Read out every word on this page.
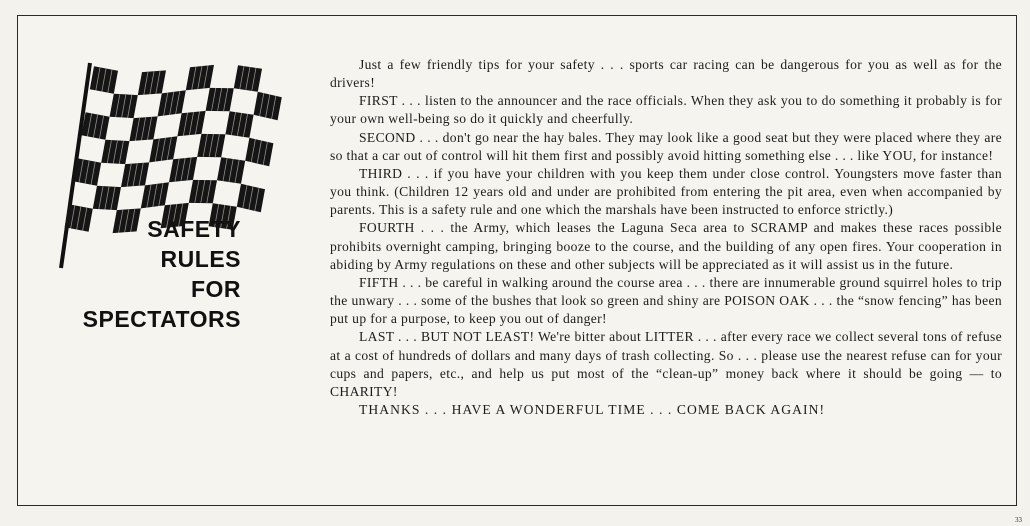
SAFETY
RULES
FOR
SPECTATORS

Just a few friendly tips for your safety . . . sports car racing can be dangerous for you as well as for the drivers!

FIRST . . . listen to the announcer and the race officials. When they ask you to do something it probably is for your own well-being so do it quickly and cheerfully.

SECOND . . . don't go near the hay bales. They may look like a good seat but they were placed where they are so that a car out of control will hit them first and possibly avoid hitting something else . . . like YOU, for instance!

THIRD . . . if you have your children with you keep them under close control. Youngsters move faster than you think. (Children 12 years old and under are prohibited from entering the pit area, even when accompanied by parents. This is a safety rule and one which the marshals have been instructed to enforce strictly.)

FOURTH . . . the Army, which leases the Laguna Seca area to SCRAMP and makes these races possible prohibits overnight camping, bringing booze to the course, and the building of any open fires. Your cooperation in abiding by Army regulations on these and other subjects will be appreciated as it will assist us in the future.

FIFTH . . . be careful in walking around the course area . . . there are innumerable ground squirrel holes to trip the unwary . . . some of the bushes that look so green and shiny are POISON OAK . . . the “snow fencing” has been put up for a purpose, to keep you out of danger!

LAST . . . BUT NOT LEAST! We're bitter about LITTER . . . after every race we collect several tons of refuse at a cost of hundreds of dollars and many days of trash collecting. So . . . please use the nearest refuse can for your cups and papers, etc., and help us put most of the “clean-up” money back where it should be going — to CHARITY!

THANKS . . . HAVE A WONDERFUL TIME . . . COME BACK AGAIN!

33
